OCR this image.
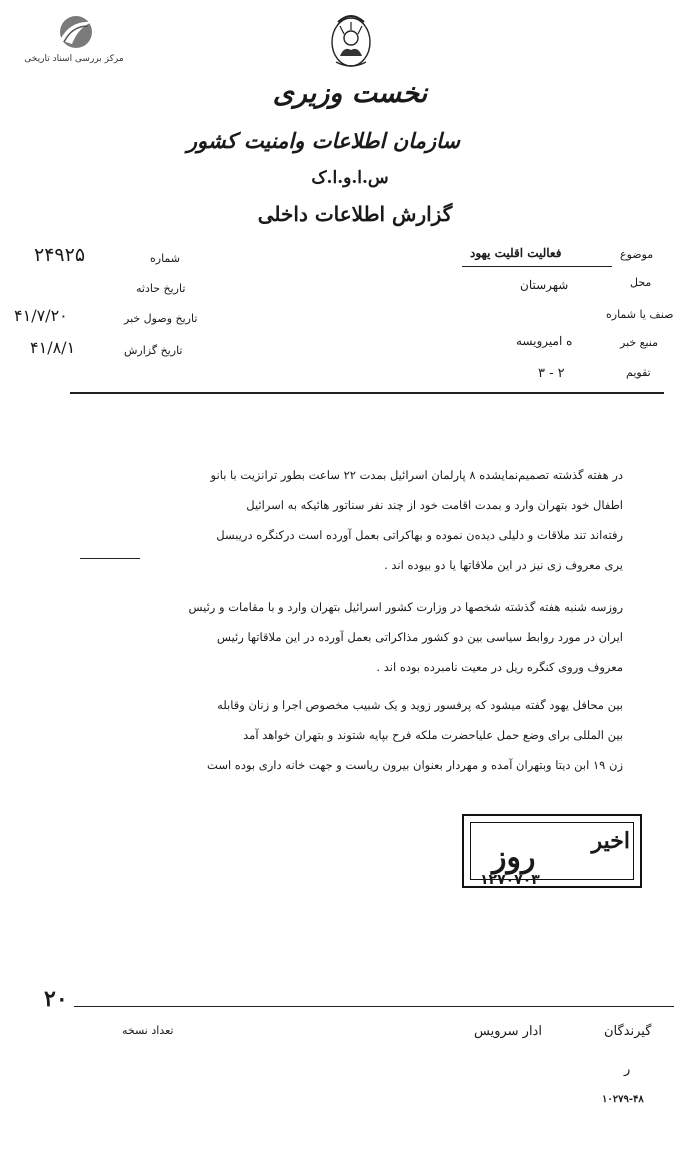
مرکز بررسی اسناد تاریخی
نخست وزیری
سازمان اطلاعات وامنیت کشور
س.ا.و.ا.ک
گزارش اطلاعات داخلی
شماره
۲۴۹۲۵
تاریخ حادثه
تاریخ وصول خبر
۴۱/۷/۲۰
تاریخ گزارش
۴۱/۸/۱
موضوع
فعالیت اقلیت یهود
محل
شهرستان
صنف یا شماره
منبع خبر
ه امیرویسه
تقویم
۲ - ۳
در هفته گذشته تصمیم‌نمایشده ۸ پارلمان اسرائیل بمدت ۲۲ ساعت بطور ترانزیت با بانو
اطفال خود بتهران وارد و بمدت اقامت خود از چند نفر سناتور هائیکه به اسرائیل
رفته‌اند تند ملاقات و دلیلی دیده‌ن نموده و بهاکراتی بعمل آورده است درکنگره دریبسل
یری معروف زی نیز در این ملاقاتها یا دو بیوده اند .
روزسه شنبه هفته گذشته شخصها در وزارت کشور اسرائیل بتهران وارد و با مقامات و رئیس
ایران در مورد روابط سیاسی بین دو کشور مذاکراتی بعمل آورده در این ملاقاتها رئیس
معروف وروی کنگره ریل در معیت نامبرده بوده اند .
بین محافل یهود گفته میشود که پرفسور زوید و یک شبیب مخصوص اجرا و زنان وقابله
بین المللی برای وضع حمل علیاحضرت ملکه فرح بپایه شتوند و بتهران خواهد آمد
زن ۱۹ ابن دیتا وبتهران آمده و مهردار بعنوان بیرون ریاست و جهت خانه داری بوده است
اخیر
روز
۱۲۷۰۷۰۳
۲۰
تعداد نسخه	گیرندگان
ادار سرویس
ر
۱۰۲۷۹-۴۸
